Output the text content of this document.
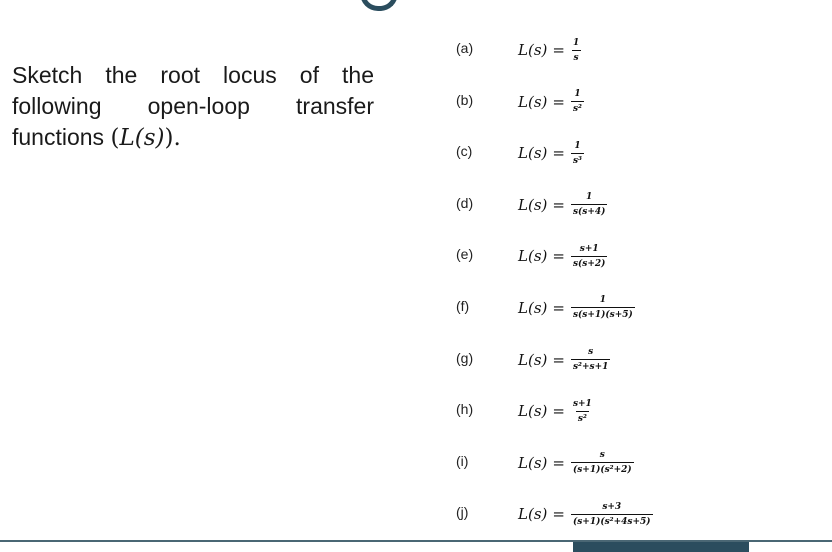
Sketch the root locus of the following open-loop transfer functions (L(s)).
(a)	$L(s) = \frac{1}{s}$
(b)	$L(s) = \frac{1}{\text{s²}}$
(c)	$L(s) = \frac{1}{\text{s³}}$
(d)	$L(s) = \frac{1}{s(s+4)}$
(e)	$L(s) = \frac{s+1}{s(s+2)}$
(f)	$L(s) = \frac{1}{s(s+1)(s+5)}$
(g)	$L(s) = \frac{s}{\text{s²+s+1}}$
(h)	$L(s) = \frac{s+1}{\text{s²}}$
(i)	$L(s) = \frac{s}{\text{(s+1)(s²+2)}}$
(j)	$L(s) = \frac{s+3}{\text{(s+1)(s²+4s+5)}}$
